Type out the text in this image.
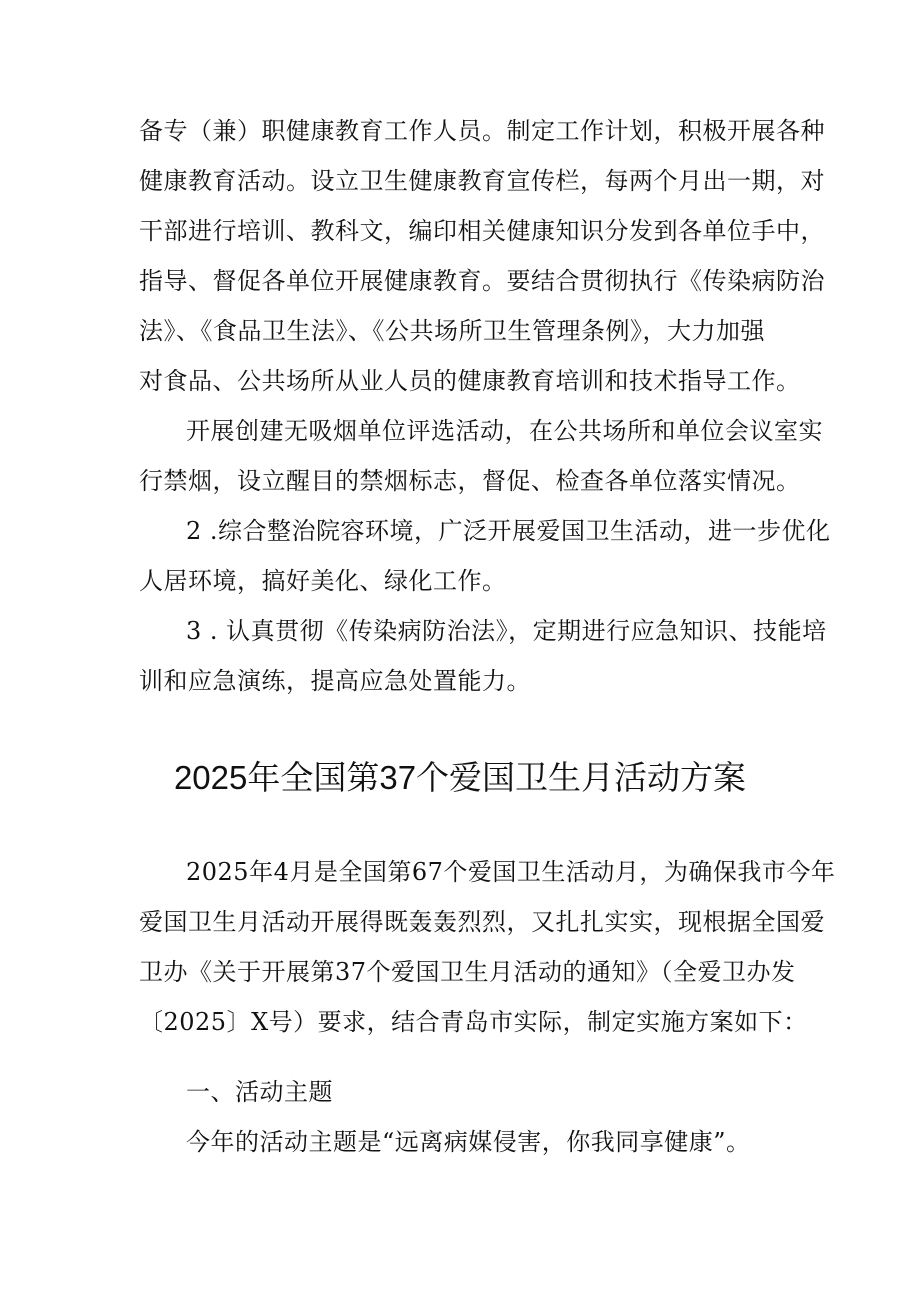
备专（兼）职健康教育工作人员。制定工作计划，积极开展各种
健康教育活动。设立卫生健康教育宣传栏，每两个月出一期，对
干部进行培训、教科文，编印相关健康知识分发到各单位手中，
指导、督促各单位开展健康教育。要结合贯彻执行《传染病防治
法》、《食品卫生法》、《公共场所卫生管理条例》，大力加强
对食品、公共场所从业人员的健康教育培训和技术指导工作。
开展创建无吸烟单位评选活动，在公共场所和单位会议室实
行禁烟，设立醒目的禁烟标志，督促、检查各单位落实情况。
2 .综合整治院容环境，广泛开展爱国卫生活动，进一步优化
人居环境，搞好美化、绿化工作。
3 . 认真贯彻《传染病防治法》，定期进行应急知识、技能培
训和应急演练，提高应急处置能力。
2025年全国第37个爱国卫生月活动方案
2025年4月是全国第67个爱国卫生活动月，为确保我市今年
爱国卫生月活动开展得既轰轰烈烈，又扎扎实实，现根据全国爱
卫办《关于开展第37个爱国卫生月活动的通知》（全爱卫办发
〔2025〕X号）要求，结合青岛市实际，制定实施方案如下：
一、活动主题
今年的活动主题是“远离病媒侵害，你我同享健康”。
